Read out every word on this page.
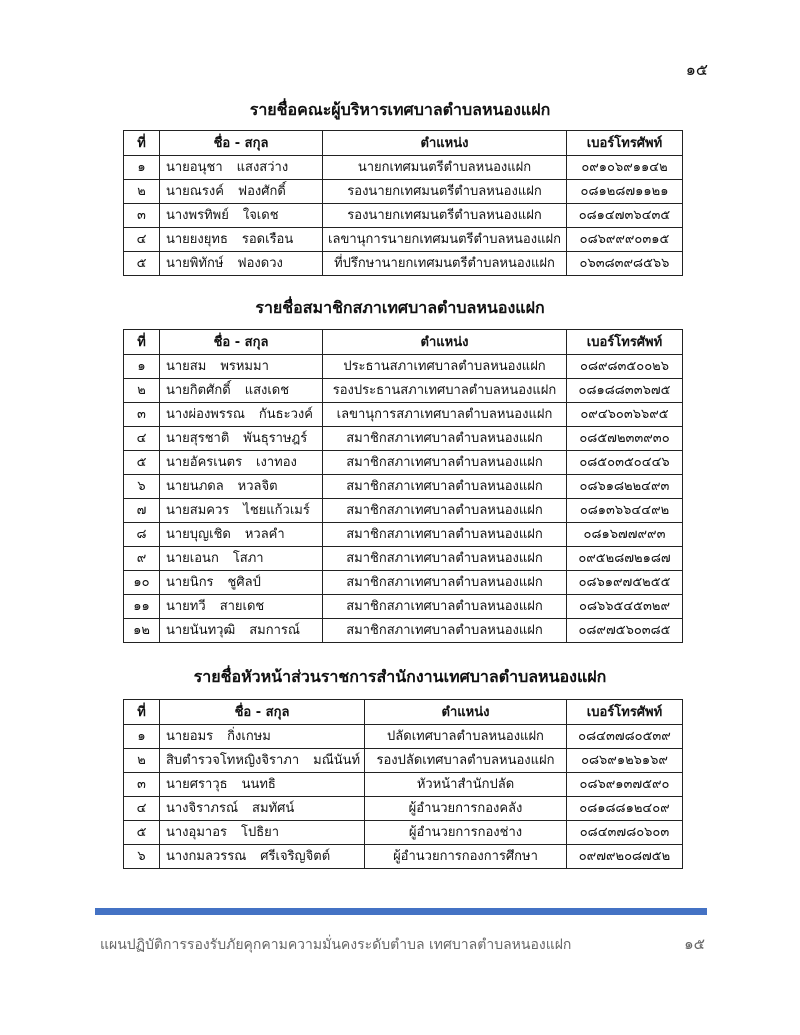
๑๕
รายชื่อคณะผู้บริหารเทศบาลตำบลหนองแฝก
ที่	ชื่อ - สกุล	ตำแหน่ง	เบอร์โทรศัพท์
๑	นายอนุชา แสงสว่าง	นายกเทศมนตรีตำบลหนองแฝก	๐๙๑๐๖๙๑๑๔๒
๒	นายณรงค์ ฟองศักดิ์	รองนายกเทศมนตรีตำบลหนองแฝก	๐๘๑๒๘๗๑๑๒๑
๓	นางพรทิพย์ ใจเดช	รองนายกเทศมนตรีตำบลหนองแฝก	๐๘๑๔๗๓๖๔๓๕
๔	นายยงยุทธ รอดเรือน	เลขานุการนายกเทศมนตรีตำบลหนองแฝก	๐๘๖๙๙๙๐๓๑๕
๕	นายพิทักษ์ ฟองดวง	ที่ปรึกษานายกเทศมนตรีตำบลหนองแฝก	๐๖๓๘๓๙๘๕๖๖
รายชื่อสมาชิกสภาเทศบาลตำบลหนองแฝก
ที่	ชื่อ - สกุล	ตำแหน่ง	เบอร์โทรศัพท์
๑	นายสม พรหมมา	ประธานสภาเทศบาลตำบลหนองแฝก	๐๘๙๘๓๕๐๐๒๖
๒	นายกิตศักดิ์ แสงเดช	รองประธานสภาเทศบาลตำบลหนองแฝก	๐๘๑๘๘๓๓๖๗๕
๓	นางผ่องพรรณ กันธะวงค์	เลขานุการสภาเทศบาลตำบลหนองแฝก	๐๙๔๖๐๓๖๖๙๕
๔	นายสุรชาติ พันธุราษฎร์	สมาชิกสภาเทศบาลตำบลหนองแฝก	๐๘๕๗๒๓๓๙๓๐
๕	นายอัครเนตร เงาทอง	สมาชิกสภาเทศบาลตำบลหนองแฝก	๐๘๕๐๓๕๐๔๔๖
๖	นายนภดล หวลจิต	สมาชิกสภาเทศบาลตำบลหนองแฝก	๐๘๖๑๘๒๒๔๙๓
๗	นายสมควร ไชยแก้วเมร์	สมาชิกสภาเทศบาลตำบลหนองแฝก	๐๘๑๓๖๖๔๔๙๒
๘	นายบุญเชิด หวลคำ	สมาชิกสภาเทศบาลตำบลหนองแฝก	๐๘๑๖๗๗๙๙๓
๙	นายเอนก โสภา	สมาชิกสภาเทศบาลตำบลหนองแฝก	๐๙๕๒๘๗๒๑๘๗
๑๐	นายนิกร ชูศิลป์	สมาชิกสภาเทศบาลตำบลหนองแฝก	๐๘๖๑๙๗๕๒๕๕
๑๑	นายทวี สายเดช	สมาชิกสภาเทศบาลตำบลหนองแฝก	๐๘๖๖๕๔๕๓๒๙
๑๒	นายนันทวุฒิ สมการณ์	สมาชิกสภาเทศบาลตำบลหนองแฝก	๐๘๙๗๕๖๐๓๘๕
รายชื่อหัวหน้าส่วนราชการสำนักงานเทศบาลตำบลหนองแฝก
ที่	ชื่อ - สกุล	ตำแหน่ง	เบอร์โทรศัพท์
๑	นายอมร กิ่งเกษม	ปลัดเทศบาลตำบลหนองแฝก	๐๘๔๓๗๘๐๕๓๙
๒	สิบตำรวจโทหญิงจิราภา มณีนันท์	รองปลัดเทศบาลตำบลหนองแฝก	๐๘๖๙๑๒๖๑๖๙
๓	นายศราวุธ นนทธิ	หัวหน้าสำนักปลัด	๐๘๖๙๑๓๗๕๙๐
๔	นางจิราภรณ์ สมทัศน์	ผู้อำนวยการกองคลัง	๐๘๑๘๘๑๒๔๐๙
๕	นางอุมาอร โปธิยา	ผู้อำนวยการกองช่าง	๐๘๔๓๗๘๐๖๐๓
๖	นางกมลวรรณ ศรีเจริญจิตต์	ผู้อำนวยการกองการศึกษา	๐๙๗๙๒๐๘๗๕๒
แผนปฏิบัติการรองรับภัยคุกคามความมั่นคงระดับตำบล เทศบาลตำบลหนองแฝก	๑๕
